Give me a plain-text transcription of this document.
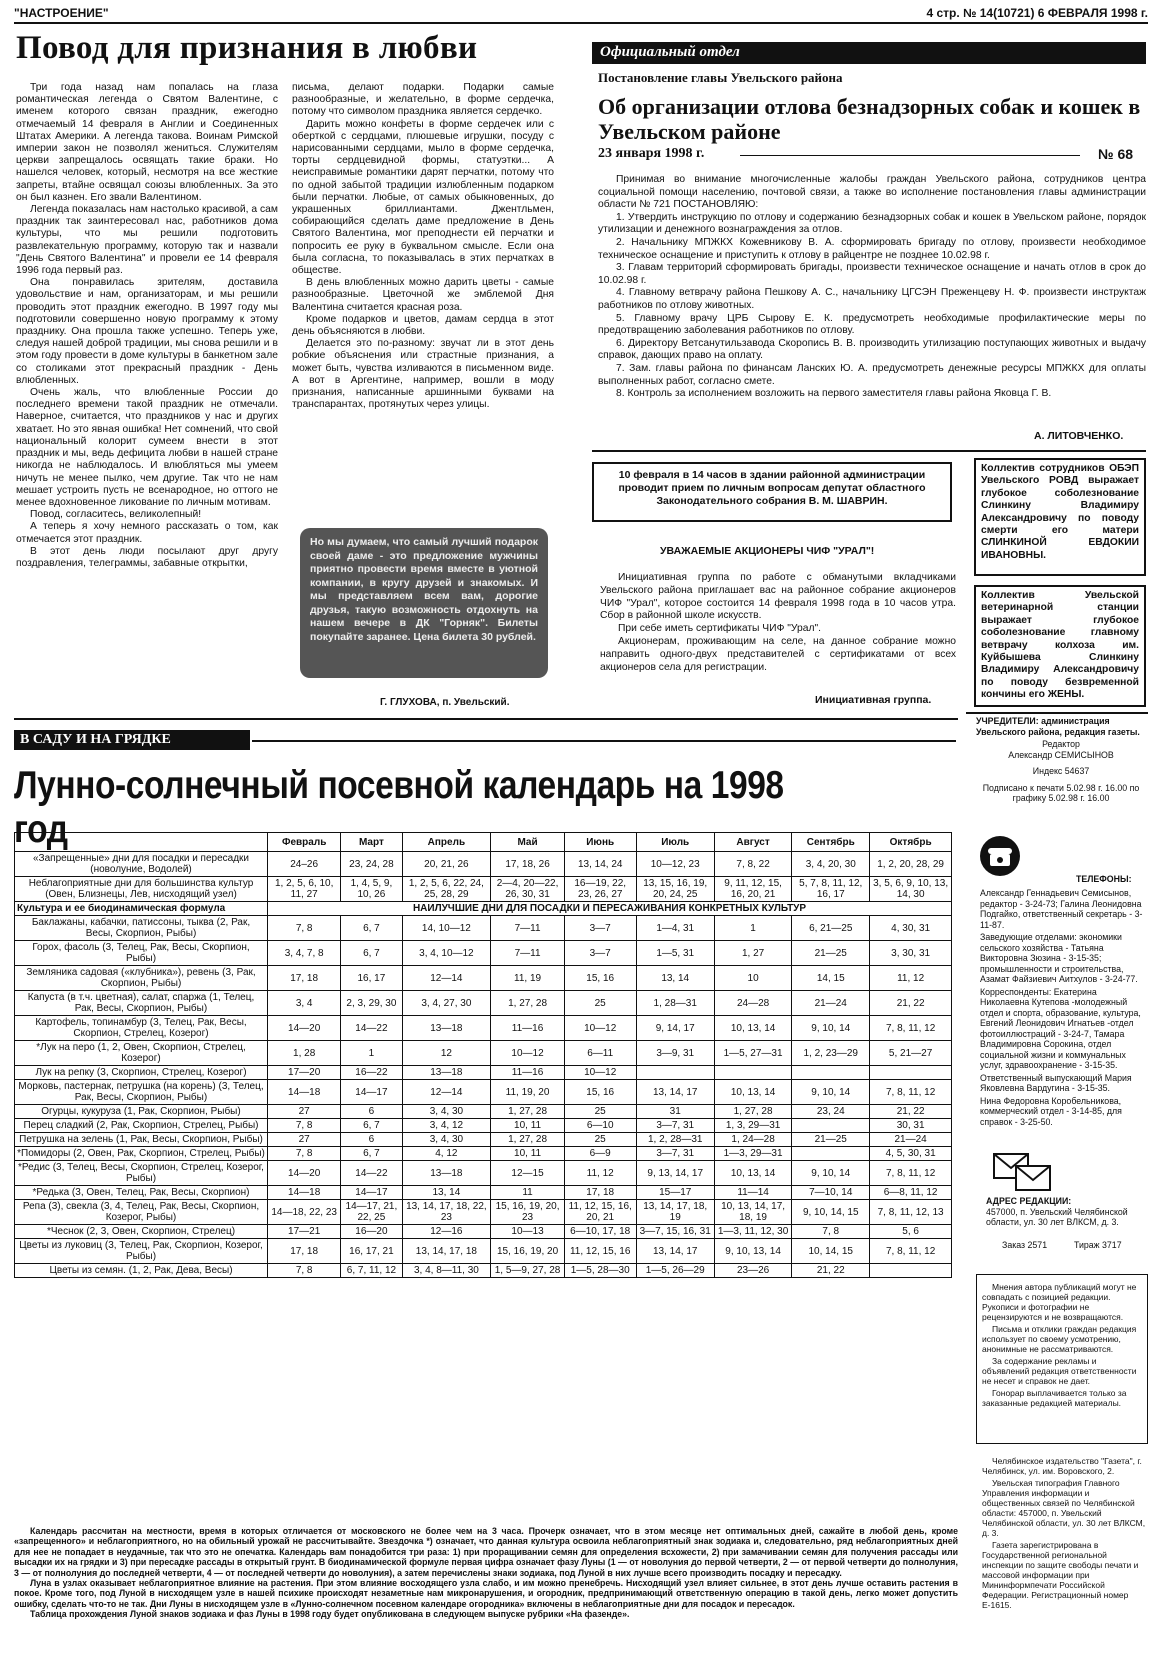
"НАСТРОЕНИЕ"	4 стр. № 14(10721) 6 ФЕВРАЛЯ 1998 г.
Повод для признания в любви

Три года назад нам попалась на глаза романтическая легенда о Святом Валентине, с именем которого связан праздник, ежегодно отмечаемый 14 февраля в Англии и Соединенных Штатах Америки. А легенда такова. Воинам Римской империи закон не позволял жениться. Служителям церкви запрещалось освящать такие браки. Но нашелся человек, который, несмотря на все жесткие запреты, втайне освящал союзы влюбленных. За это он был казнен. Его звали Валентином.

Легенда показалась нам настолько красивой, а сам праздник так заинтересовал нас, работников дома культуры, что мы решили подготовить развлекательную программу, которую так и назвали "День Святого Валентина" и провели ее 14 февраля 1996 года первый раз.

Она понравилась зрителям, доставила удовольствие и нам, организаторам, и мы решили проводить этот праздник ежегодно. В 1997 году мы подготовили совершенно новую программу к этому празднику. Она прошла также успешно. Теперь уже, следуя нашей доброй традиции, мы снова решили и в этом году провести в доме культуры в банкетном зале со столиками этот прекрасный праздник - День влюбленных.

Очень жаль, что влюбленные России до последнего времени такой праздник не отмечали. Наверное, считается, что праздников у нас и других хватает. Но это явная ошибка! Нет сомнений, что свой национальный колорит сумеем внести в этот праздник и мы, ведь дефицита любви в нашей стране никогда не наблюдалось. И влюбляться мы умеем ничуть не менее пылко, чем другие. Так что не нам мешает устроить пусть не всенародное, но оттого не менее вдохновенное ликование по личным мотивам.

Повод, согласитесь, великолепный!

А теперь я хочу немного рассказать о том, как отмечается этот праздник.

В этот день люди посылают друг другу поздравления, телеграммы, забавные открытки,

письма, делают подарки. Подарки самые разнообразные, и желательно, в форме сердечка, потому что символом праздника является сердечко.

Дарить можно конфеты в форме сердечек или с оберткой с сердцами, плюшевые игрушки, посуду с нарисованными сердцами, мыло в форме сердечка, торты сердцевидной формы, статуэтки... А неисправимые романтики дарят перчатки, потому что по одной забытой традиции излюбленным подарком были перчатки. Любые, от самых обыкновенных, до украшенных бриллиантами. Джентльмен, собирающийся сделать даме предложение в День Святого Валентина, мог преподнести ей перчатки и попросить ее руку в буквальном смысле. Если она была согласна, то показывалась в этих перчатках в обществе.

В день влюбленных можно дарить цветы - самые разнообразные. Цветочной же эмблемой Дня Валентина считается красная роза.

Кроме подарков и цветов, дамам сердца в этот день объясняются в любви.

Делается это по-разному: звучат ли в этот день робкие объяснения или страстные признания, а может быть, чувства изливаются в письменном виде. А вот в Аргентине, например, вошли в моду признания, написанные аршинными буквами на транспарантах, протянутых через улицы.

Но мы думаем, что самый лучший подарок своей даме - это предложение мужчины приятно провести время вместе в уютной компании, в кругу друзей и знакомых. И мы представляем всем вам, дорогие друзья, такую возможность отдохнуть на нашем вечере в ДК "Горняк". Билеты покупайте заранее. Цена билета 30 рублей.
Г. ГЛУХОВА, п. Увельский.
Официальный отдел
Постановление главы Увельского района
Об организации отлова безнадзорных собак и кошек в Увельском районе
23 января 1998 г.	№ 68

Принимая во внимание многочисленные жалобы граждан Увельского района, сотрудников центра социальной помощи населению, почтовой связи, а также во исполнение постановления главы администрации области № 721 ПОСТАНОВЛЯЮ:

1. Утвердить инструкцию по отлову и содержанию безнадзорных собак и кошек в Увельском районе, порядок утилизации и денежного вознаграждения за отлов.

2. Начальнику МПЖКХ Кожевникову В. А. сформировать бригаду по отлову, произвести необходимое техническое оснащение и приступить к отлову в райцентре не позднее 10.02.98 г.

3. Главам территорий сформировать бригады, произвести техническое оснащение и начать отлов в срок до 10.02.98 г.

4. Главному ветврачу района Пешкову А. С., начальнику ЦГСЭН Преженцеву Н. Ф. произвести инструктаж работников по отлову животных.

5. Главному врачу ЦРБ Сырову Е. К. предусмотреть необходимые профилактические меры по предотвращению заболевания работников по отлову.

6. Директору Ветсанутильзавода Скоропись В. В. производить утилизацию поступающих животных и выдачу справок, дающих право на оплату.

7. Зам. главы района по финансам Ланских Ю. А. предусмотреть денежные ресурсы МПЖКХ для оплаты выполненных работ, согласно смете.

8. Контроль за исполнением возложить на первого заместителя главы района Яковца Г. В.

А. ЛИТОВЧЕНКО.
10 февраля в 14 часов в здании районной администрации проводит прием по личным вопросам депутат областного Законодательного собрания В. М. ШАВРИН.
УВАЖАЕМЫЕ АКЦИОНЕРЫ ЧИФ "УРАЛ"!

Инициативная группа по работе с обманутыми вкладчиками Увельского района приглашает вас на районное собрание акционеров ЧИФ "Урал", которое состоится 14 февраля 1998 года в 10 часов утра. Сбор в районной школе искусств.

При себе иметь сертификаты ЧИФ "Урал".

Акционерам, проживающим на селе, на данное собрание можно направить одного-двух представителей с сертификатами от всех акционеров села для регистрации.

Инициативная группа.
Коллектив сотрудников ОБЭП Увельского РОВД выражает глубокое соболезнование Слинкину Владимиру Александровичу по поводу смерти его матери СЛИНКИНОЙ ЕВДОКИИ ИВАНОВНЫ.
Коллектив Увельской ветеринарной станции выражает глубокое соболезнование главному ветврачу колхоза им. Куйбышева Слинкину Владимиру Александровичу по поводу безвременной кончины его ЖЕНЫ.
В САДУ И НА ГРЯДКЕ
Лунно-солнечный посевной календарь на 1998 год
		Февраль	Март	Апрель	Май	Июнь	Июль	Август	Сентябрь	Октябрь
«Запрещенные» дни для посадки и пересадки (новолуние, Водолей)	24–26	23, 24, 28	20, 21, 26	17, 18, 26	13, 14, 24	10—12, 23	7, 8, 22	3, 4, 20, 30	1, 2, 20, 28, 29
Неблагоприятные дни для большинства культур (Овен, Близнецы, Лев, нисходящий узел)	1, 2, 5, 6, 10, 11, 27	1, 4, 5, 9, 10, 26	1, 2, 5, 6, 22, 24, 25, 28, 29	2—4, 20—22, 26, 30, 31	16—19, 22, 23, 26, 27	13, 15, 16, 19, 20, 24, 25	9, 11, 12, 15, 16, 20, 21	5, 7, 8, 11, 12, 16, 17	3, 5, 6, 9, 10, 13, 14, 30
Культура и ее биодинамическая формула	НАИЛУЧШИЕ ДНИ ДЛЯ ПОСАДКИ И ПЕРЕСАЖИВАНИЯ КОНКРЕТНЫХ КУЛЬТУР								
Баклажаны, кабачки, патиссоны, тыква (2, Рак, Весы, Скорпион, Рыбы)	7, 8	6, 7	14, 10—12	7—11	3—7	1—4, 31	1	6, 21—25	4, 30, 31
Горох, фасоль (3, Телец, Рак, Весы, Скорпион, Рыбы)	3, 4, 7, 8	6, 7	3, 4, 10—12	7—11	3—7	1—5, 31	1, 27	21—25	3, 30, 31
Земляника садовая («клубника»), ревень (3, Рак, Скорпион, Рыбы)	17, 18	16, 17	12—14	11, 19	15, 16	13, 14	10	14, 15	11, 12
Капуста (в т.ч. цветная), салат, спаржа (1, Телец, Рак, Весы, Скорпион, Рыбы)	3, 4	2, 3, 29, 30	3, 4, 27, 30	1, 27, 28	25	1, 28—31	24—28	21—24	21, 22
Картофель, топинамбур (3, Телец, Рак, Весы, Скорпион, Стрелец, Козерог)	14—20	14—22	13—18	11—16	10—12	9, 14, 17	10, 13, 14	9, 10, 14	7, 8, 11, 12
*Лук на перо (1, 2, Овен, Скорпион, Стрелец, Козерог)	1, 28	1	12	10—12	6—11	3—9, 31	1—5, 27—31	1, 2, 23—29	5, 21—27
Лук на репку (3, Скорпион, Стрелец, Козерог)	17—20	16—22	13—18	11—16	10—12				
Морковь, пастернак, петрушка (на корень) (3, Телец, Рак, Весы, Скорпион, Рыбы)	14—18	14—17	12—14	11, 19, 20	15, 16	13, 14, 17	10, 13, 14	9, 10, 14	7, 8, 11, 12
Огурцы, кукуруза (1, Рак, Скорпион, Рыбы)	27	6	3, 4, 30	1, 27, 28	25	31	1, 27, 28	23, 24	21, 22
Перец сладкий (2, Рак, Скорпион, Стрелец, Рыбы)	7, 8	6, 7	3, 4, 12	10, 11	6—10	3—7, 31	1, 3, 29—31		30, 31
Петрушка на зелень (1, Рак, Весы, Скорпион, Рыбы)	27	6	3, 4, 30	1, 27, 28	25	1, 2, 28—31	1, 24—28	21—25	21—24
*Помидоры (2, Овен, Рак, Скорпион, Стрелец, Рыбы)	7, 8	6, 7	4, 12	10, 11	6—9	3—7, 31	1—3, 29—31		4, 5, 30, 31
*Редис (3, Телец, Весы, Скорпион, Стрелец, Козерог, Рыбы)	14—20	14—22	13—18	12—15	11, 12	9, 13, 14, 17	10, 13, 14	9, 10, 14	7, 8, 11, 12
*Редька (3, Овен, Телец, Рак, Весы, Скорпион)	14—18	14—17	13, 14	11	17, 18	15—17	11—14	7—10, 14	6—8, 11, 12
Репа (3), свекла (3, 4, Телец, Рак, Весы, Скорпион, Козерог, Рыбы)	14—18, 22, 23	14—17, 21, 22, 25	13, 14, 17, 18, 22, 23	15, 16, 19, 20, 23	11, 12, 15, 16, 20, 21	13, 14, 17, 18, 19	10, 13, 14, 17, 18, 19	9, 10, 14, 15	7, 8, 11, 12, 13
*Чеснок (2, 3, Овен, Скорпион, Стрелец)	17—21	16—20	12—16	10—13	6—10, 17, 18	3—7, 15, 16, 31	1—3, 11, 12, 30	7, 8	5, 6
Цветы из луковиц (3, Телец, Рак, Скорпион, Козерог, Рыбы)	17, 18	16, 17, 21	13, 14, 17, 18	15, 16, 19, 20	11, 12, 15, 16	13, 14, 17	9, 10, 13, 14	10, 14, 15	7, 8, 11, 12
Цветы из семян. (1, 2, Рак, Дева, Весы)	7, 8	6, 7, 11, 12	3, 4, 8—11, 30	1, 5—9, 27, 28	1—5, 28—30	1—5, 26—29	23—26	21, 22	
Календарь рассчитан на местности, время в которых отличается от московского не более чем на 3 часа. Прочерк означает, что в этом месяце нет оптимальных дней, сажайте в любой день, кроме «запрещенного» и неблагоприятного, но на обильный урожай не рассчитывайте. Звездочка *) означает, что данная культура освоила неблагоприятный знак зодиака и, следовательно, ряд неблагоприятных дней для нее не попадает в неудачные, так что это не опечатка. Календарь вам понадобится три раза: 1) при проращивании семян для определения всхожести, 2) при замачивании семян для получения рассады или высадки их на грядки и 3) при пересадке рассады в открытый грунт. В биодинамической формуле первая цифра означает фазу Луны (1 — от новолуния до первой четверти, 2 — от первой четверти до полнолуния, 3 — от полнолуния до последней четверти, 4 — от последней четверти до новолуния), а затем перечислены знаки зодиака, под Луной в них лучше всего производить посадку и пересадку.
Луна в узлах оказывает неблагоприятное влияние на растения. При этом влияние восходящего узла слабо, и им можно пренебречь. Нисходящий узел влияет сильнее, в этот день лучше оставить растения в покое. Кроме того, под Луной в нисходящем узле в нашей психике происходят незаметные нам микронарушения, и огородник, предпринимающий ответственную операцию в такой день, легко может допустить ошибку, сделать что-то не так. Дни Луны в нисходящем узле в «Лунно-солнечном посевном календаре огородника» включены в неблагоприятные дни для посадок и пересадок.
Таблица прохождения Луной знаков зодиака и фаз Луны в 1998 году будет опубликована в следующем выпуске рубрики «На фазенде».

УЧРЕДИТЕЛИ: администрация Увельского района, редакция газеты.

Редактор

Александр СЕМИСЫНОВ

Индекс 54637

Подписано к печати 5.02.98 г. 16.00 по графику 5.02.98 г. 16.00

ТЕЛЕФОНЫ:

Александр Геннадьевич Семисынов, редактор - 3-24-73; Галина Леонидовна Подгайко, ответственный секретарь - 3-11-87.

Заведующие отделами: экономики сельского хозяйства - Татьяна Викторовна Зюзина - 3-15-35; промышленности и строительства, Азамат Файзиевич Аитхулов - 3-24-77.

Корреспонденты: Екатерина Николаевна Кутепова -молодежный отдел и спорта, образование, культура, Евгений Леонидович Игнатьев -отдел фотоиллюстраций - 3-24-7, Тамара Владимировна Сорокина, отдел социальной жизни и коммунальных услуг, здравоохранение - 3-15-35.

Ответственный выпускающий Мария Яковлевна Вардугина - 3-15-35.

Нина Федоровна Коробельникова, коммерческий отдел - 3-14-85, для справок - 3-25-50.

АДРЕС РЕДАКЦИИ:

457000, п. Увельский Челябинской области, ул. 30 лет ВЛКСМ, д. 3.

Заказ 2571	Тираж 3717

Мнения автора публикаций могут не совпадать с позицией редакции. Рукописи и фотографии не рецензируются и не возвращаются.

Письма и отклики граждан редакция использует по своему усмотрению, анонимные не рассматриваются.

За содержание рекламы и объявлений редакция ответственности не несет и справок не дает.

Гонорар выплачивается только за заказанные редакцией материалы.

Челябинское издательство "Газета", г. Челябинск, ул. им. Воровского, 2.

Увельская типография Главного Управления информации и общественных связей по Челябинской области: 457000, п. Увельский Челябинской области, ул. 30 лет ВЛКСМ, д. 3.

Газета зарегистрирована в Государственной региональной инспекции по защите свободы печати и массовой информации при Мининформпечати Российской Федерации. Регистрационный номер Е-1615.
